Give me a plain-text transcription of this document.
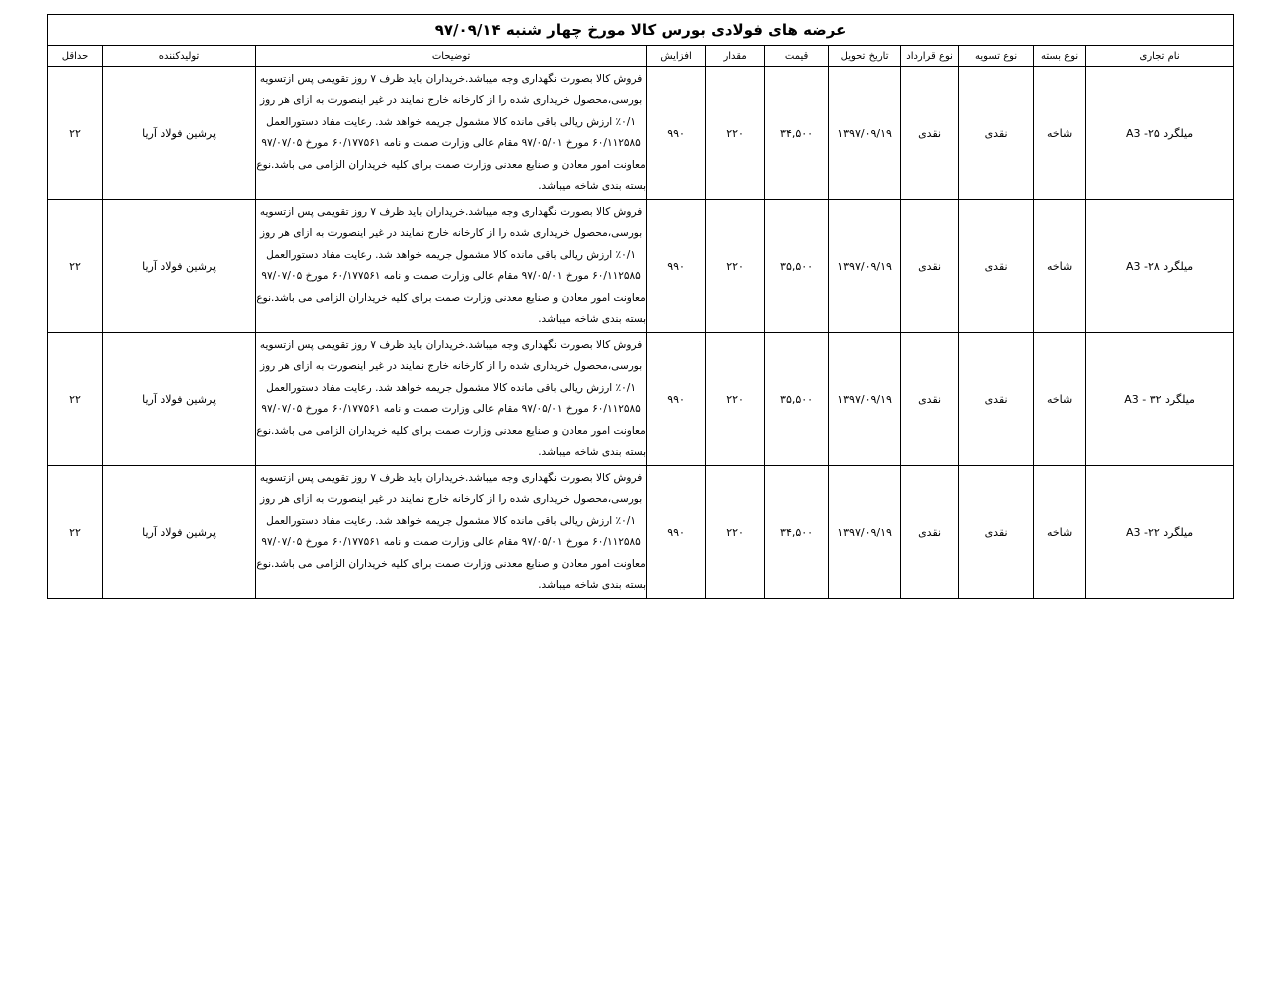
عرضه های فولادی بورس کالا مورخ چهار شنبه ۹۷/۰۹/۱۴										
نام تجاری	نوع بسته	نوع تسویه	نوع قرارداد	تاریخ تحویل	قیمت	مقدار	افزایش	توضیحات	تولیدکننده	حداقل
میلگرد ۲۵- A3	شاخه	نقدی	نقدی	۱۳۹۷/۰۹/۱۹	۳۴,۵۰۰	۲۲۰	۹۹۰	فروش کالا بصورت نگهداری وجه میباشد.خریداران باید ظرف ۷ روز تقویمی پس ازتسویه بورسی،محصول خریداری شده را از کارخانه خارج نمایند در غیر اینصورت به ازای هر روز ۰/۱٪ ارزش ریالی باقی مانده کالا مشمول جریمه خواهد شد. رعایت مفاد دستورالعمل ۶۰/۱۱۲۵۸۵ مورخ ۹۷/۰۵/۰۱ مقام عالی وزارت صمت و نامه ۶۰/۱۷۷۵۶۱ مورخ ۹۷/۰۷/۰۵ معاونت امور معادن و صنایع معدنی وزارت صمت برای کلیه خریداران الزامی می باشد.نوع بسته بندی شاخه میباشد.	پرشین فولاد آریا	۲۲
میلگرد ۲۸- A3	شاخه	نقدی	نقدی	۱۳۹۷/۰۹/۱۹	۳۵,۵۰۰	۲۲۰	۹۹۰	فروش کالا بصورت نگهداری وجه میباشد.خریداران باید ظرف ۷ روز تقویمی پس ازتسویه بورسی،محصول خریداری شده را از کارخانه خارج نمایند در غیر اینصورت به ازای هر روز ۰/۱٪ ارزش ریالی باقی مانده کالا مشمول جریمه خواهد شد. رعایت مفاد دستورالعمل ۶۰/۱۱۲۵۸۵ مورخ ۹۷/۰۵/۰۱ مقام عالی وزارت صمت و نامه ۶۰/۱۷۷۵۶۱ مورخ ۹۷/۰۷/۰۵ معاونت امور معادن و صنایع معدنی وزارت صمت برای کلیه خریداران الزامی می باشد.نوع بسته بندی شاخه میباشد.	پرشین فولاد آریا	۲۲
میلگرد ۳۲ - A3	شاخه	نقدی	نقدی	۱۳۹۷/۰۹/۱۹	۳۵,۵۰۰	۲۲۰	۹۹۰	فروش کالا بصورت نگهداری وجه میباشد.خریداران باید ظرف ۷ روز تقویمی پس ازتسویه بورسی،محصول خریداری شده را از کارخانه خارج نمایند در غیر اینصورت به ازای هر روز ۰/۱٪ ارزش ریالی باقی مانده کالا مشمول جریمه خواهد شد. رعایت مفاد دستورالعمل ۶۰/۱۱۲۵۸۵ مورخ ۹۷/۰۵/۰۱ مقام عالی وزارت صمت و نامه ۶۰/۱۷۷۵۶۱ مورخ ۹۷/۰۷/۰۵ معاونت امور معادن و صنایع معدنی وزارت صمت برای کلیه خریداران الزامی می باشد.نوع بسته بندی شاخه میباشد.	پرشین فولاد آریا	۲۲
میلگرد ۲۲- A3	شاخه	نقدی	نقدی	۱۳۹۷/۰۹/۱۹	۳۴,۵۰۰	۲۲۰	۹۹۰	فروش کالا بصورت نگهداری وجه میباشد.خریداران باید ظرف ۷ روز تقویمی پس ازتسویه بورسی،محصول خریداری شده را از کارخانه خارج نمایند در غیر اینصورت به ازای هر روز ۰/۱٪ ارزش ریالی باقی مانده کالا مشمول جریمه خواهد شد. رعایت مفاد دستورالعمل ۶۰/۱۱۲۵۸۵ مورخ ۹۷/۰۵/۰۱ مقام عالی وزارت صمت و نامه ۶۰/۱۷۷۵۶۱ مورخ ۹۷/۰۷/۰۵ معاونت امور معادن و صنایع معدنی وزارت صمت برای کلیه خریداران الزامی می باشد.نوع بسته بندی شاخه میباشد.	پرشین فولاد آریا	۲۲
